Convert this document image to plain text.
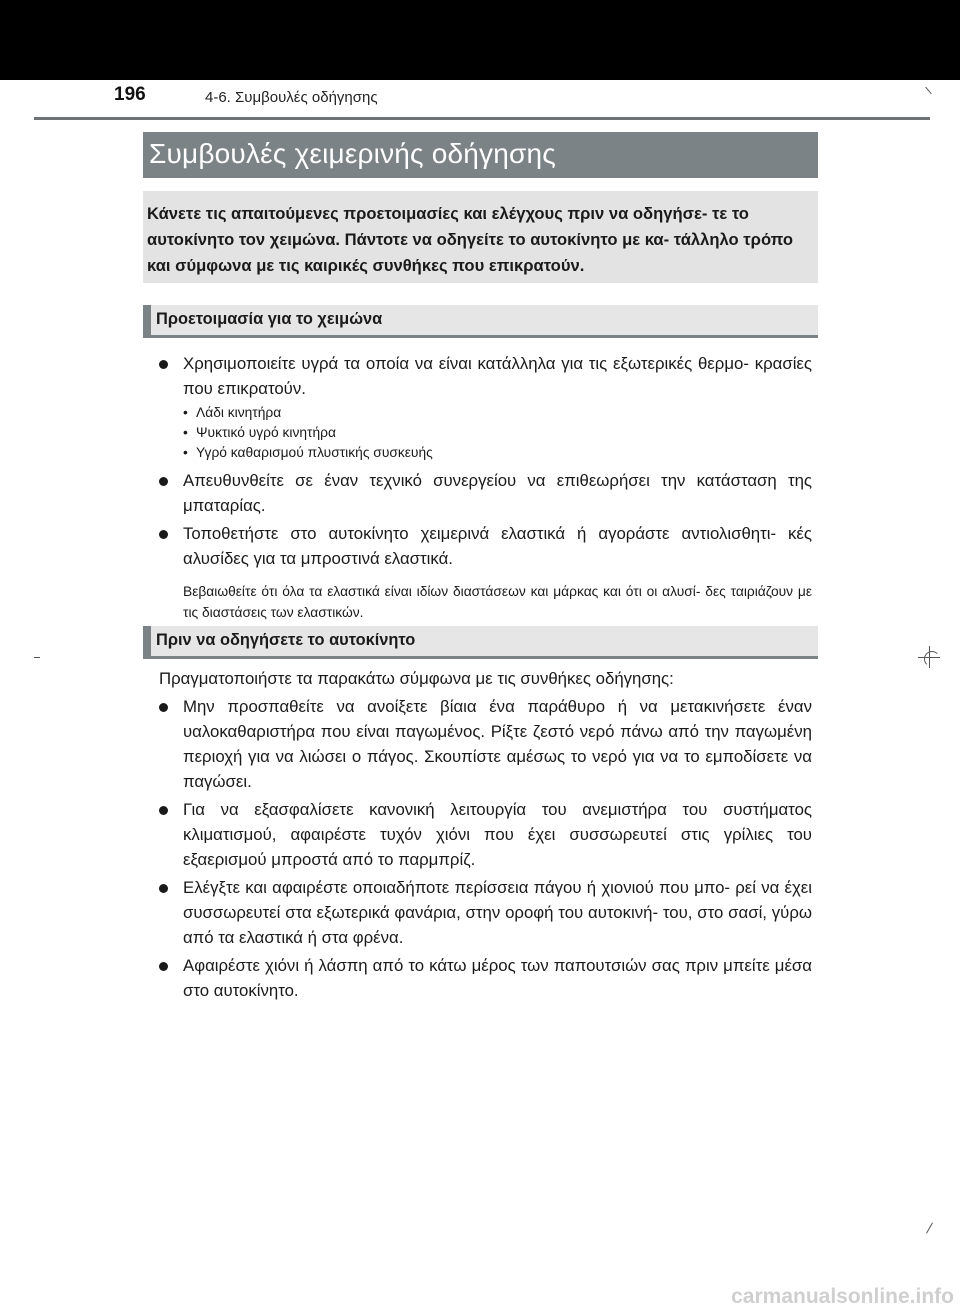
196	4-6. Συμβουλές οδήγησης
Συμβουλές χειμερινής οδήγησης

Κάνετε τις απαιτούμενες προετοιμασίες και ελέγχους πριν να οδηγήσε- τε το αυτοκίνητο τον χειμώνα. Πάντοτε να οδηγείτε το αυτοκίνητο με κα- τάλληλο τρόπο και σύμφωνα με τις καιρικές συνθήκες που επικρατούν.

Προετοιμασία για το χειμώνα

Χρησιμοποιείτε υγρά τα οποία να είναι κατάλληλα για τις εξωτερικές θερμο- κρασίες που επικρατούν.

• Λάδι κινητήρα
• Ψυκτικό υγρό κινητήρα
• Υγρό καθαρισμού πλυστικής συσκευής

Απευθυνθείτε σε έναν τεχνικό συνεργείου να επιθεωρήσει την κατάσταση της μπαταρίας.

Τοποθετήστε στο αυτοκίνητο χειμερινά ελαστικά ή αγοράστε αντιολισθητι- κές αλυσίδες για τα μπροστινά ελαστικά.

Βεβαιωθείτε ότι όλα τα ελαστικά είναι ιδίων διαστάσεων και μάρκας και ότι οι αλυσί- δες ταιριάζουν με τις διαστάσεις των ελαστικών.

Πριν να οδηγήσετε το αυτοκίνητο

Πραγματοποιήστε τα παρακάτω σύμφωνα με τις συνθήκες οδήγησης:

Μην προσπαθείτε να ανοίξετε βίαια ένα παράθυρο ή να μετακινήσετε έναν υαλοκαθαριστήρα που είναι παγωμένος. Ρίξτε ζεστό νερό πάνω από την παγωμένη περιοχή για να λιώσει ο πάγος. Σκουπίστε αμέσως το νερό για να το εμποδίσετε να παγώσει.

Για να εξασφαλίσετε κανονική λειτουργία του ανεμιστήρα του συστήματος κλιματισμού, αφαιρέστε τυχόν χιόνι που έχει συσσωρευτεί στις γρίλιες του εξαερισμού μπροστά από το παρμπρίζ.

Ελέγξτε και αφαιρέστε οποιαδήποτε περίσσεια πάγου ή χιονιού που μπο- ρεί να έχει συσσωρευτεί στα εξωτερικά φανάρια, στην οροφή του αυτοκινή- του, στο σασί, γύρω από τα ελαστικά ή στα φρένα.

Αφαιρέστε χιόνι ή λάσπη από το κάτω μέρος των παπουτσιών σας πριν μπείτε μέσα στο αυτοκίνητο.

carmanualsonline.info
